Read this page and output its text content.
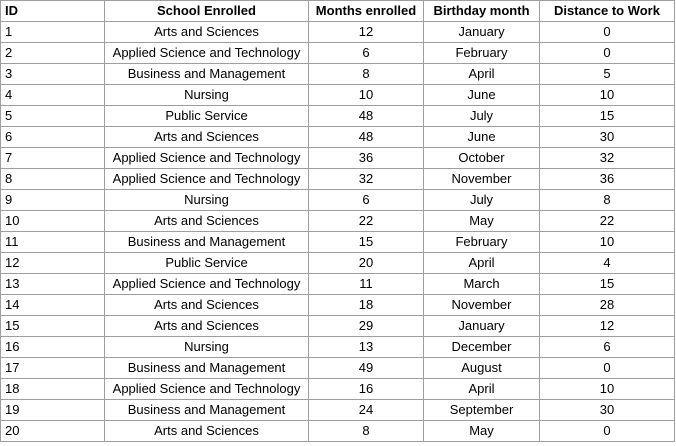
ID	School Enrolled	Months enrolled	Birthday month	Distance to Work
1	Arts and Sciences	12	January	0
2	Applied Science and Technology	6	February	0
3	Business and Management	8	April	5
4	Nursing	10	June	10
5	Public Service	48	July	15
6	Arts and Sciences	48	June	30
7	Applied Science and Technology	36	October	32
8	Applied Science and Technology	32	November	36
9	Nursing	6	July	8
10	Arts and Sciences	22	May	22
11	Business and Management	15	February	10
12	Public Service	20	April	4
13	Applied Science and Technology	11	March	15
14	Arts and Sciences	18	November	28
15	Arts and Sciences	29	January	12
16	Nursing	13	December	6
17	Business and Management	49	August	0
18	Applied Science and Technology	16	April	10
19	Business and Management	24	September	30
20	Arts and Sciences	8	May	0
